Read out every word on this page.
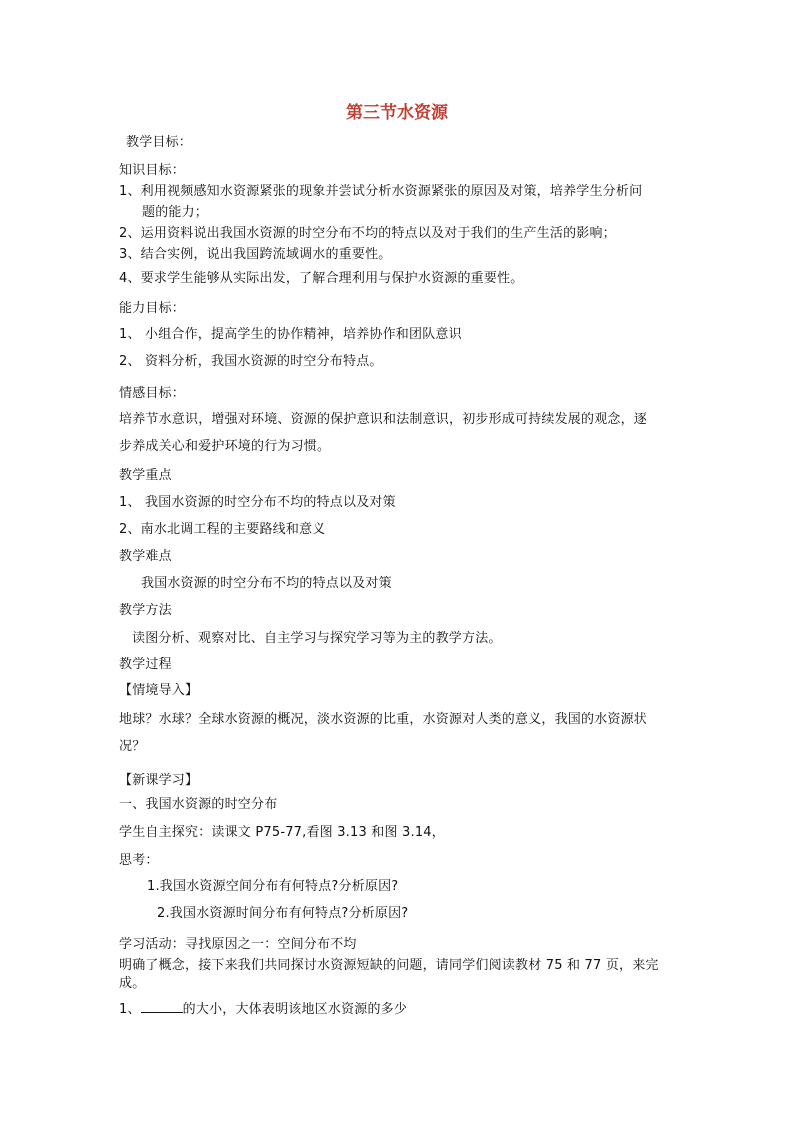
第三节水资源
教学目标：
知识目标：
1、利用视频感知水资源紧张的现象并尝试分析水资源紧张的原因及对策，培养学生分析问
题的能力；
2、运用资料说出我国水资源的时空分布不均的特点以及对于我们的生产生活的影响；
3、结合实例，说出我国跨流域调水的重要性。
4、要求学生能够从实际出发，了解合理利用与保护水资源的重要性。
能力目标：
1、 小组合作，提高学生的协作精神，培养协作和团队意识
2、 资料分析，我国水资源的时空分布特点。
情感目标：
培养节水意识，增强对环境、资源的保护意识和法制意识，初步形成可持续发展的观念，逐
步养成关心和爱护环境的行为习惯。
教学重点
1、 我国水资源的时空分布不均的特点以及对策
2、南水北调工程的主要路线和意义
教学难点
我国水资源的时空分布不均的特点以及对策
教学方法
读图分析、观察对比、自主学习与探究学习等为主的教学方法。
教学过程
【情境导入】
地球？水球？全球水资源的概况，淡水资源的比重，水资源对人类的意义，我国的水资源状
况？
【新课学习】
一、我国水资源的时空分布
学生自主探究：读课文 P75-77,看图 3.13 和图 3.14，
思考：
1.我国水资源空间分布有何特点?分析原因?
2.我国水资源时间分布有何特点?分析原因?
学习活动：寻找原因之一：空间分布不均
明确了概念，接下来我们共同探讨水资源短缺的问题，请同学们阅读教材 75 和 77 页，来完
成。
1、	的大小，大体表明该地区水资源的多少
